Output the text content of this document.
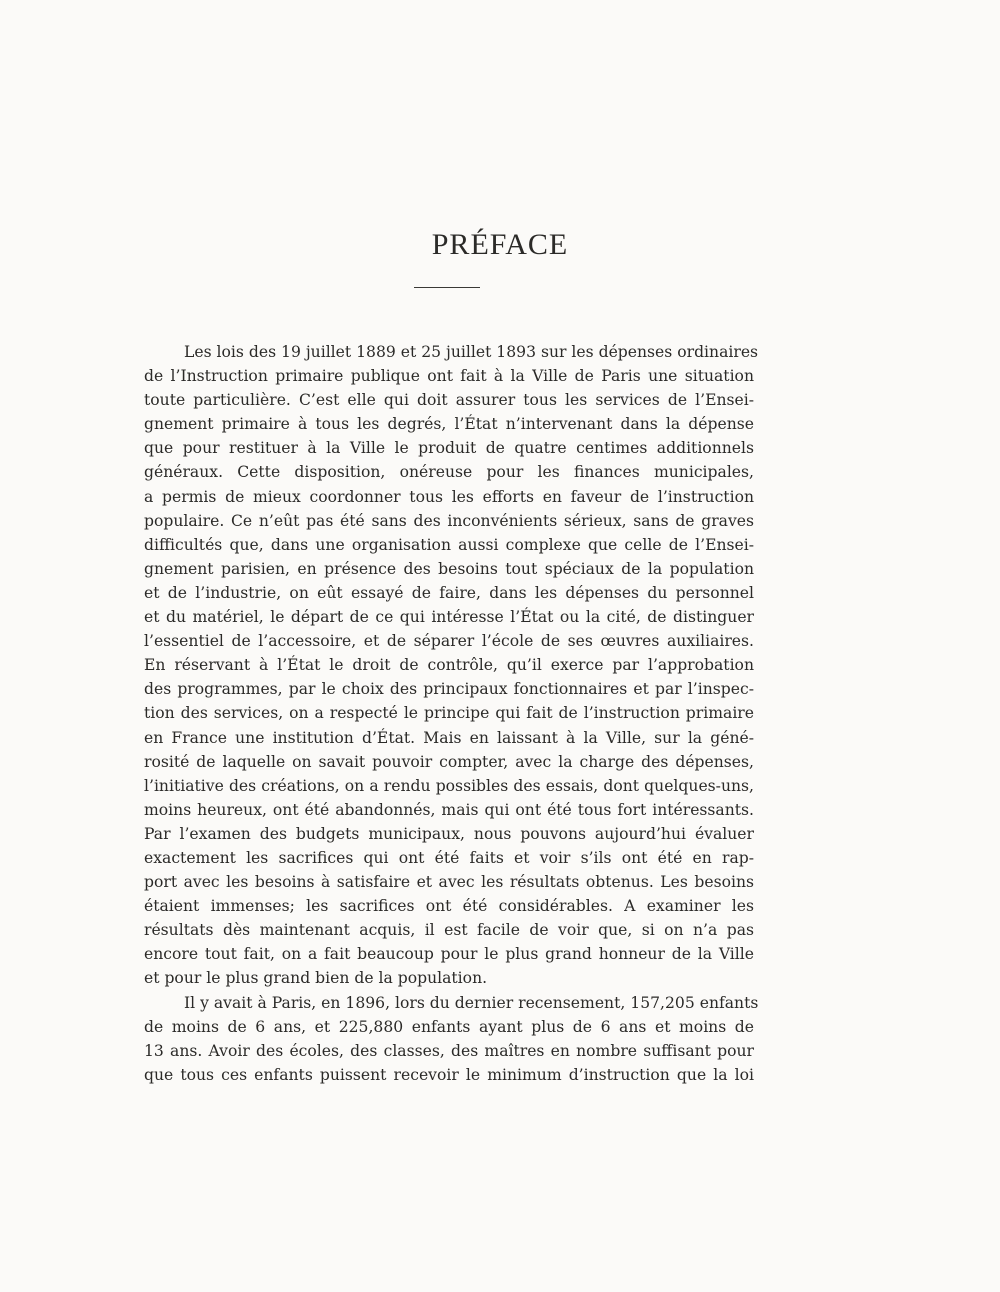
PRÉFACE
Les lois des 19 juillet 1889 et 25 juillet 1893 sur les dépenses ordinaires
de l’Instruction primaire publique ont fait à la Ville de Paris une situation
toute particulière. C’est elle qui doit assurer tous les services de l’Ensei-
gnement primaire à tous les degrés, l’État n’intervenant dans la dépense
que pour restituer à la Ville le produit de quatre centimes additionnels
généraux. Cette disposition, onéreuse pour les finances municipales,
a permis de mieux coordonner tous les efforts en faveur de l’instruction
populaire. Ce n’eût pas été sans des inconvénients sérieux, sans de graves
difficultés que, dans une organisation aussi complexe que celle de l’Ensei-
gnement parisien, en présence des besoins tout spéciaux de la population
et de l’industrie, on eût essayé de faire, dans les dépenses du personnel
et du matériel, le départ de ce qui intéresse l’État ou la cité, de distinguer
l’essentiel de l’accessoire, et de séparer l’école de ses œuvres auxiliaires.
En réservant à l’État le droit de contrôle, qu’il exerce par l’approbation
des programmes, par le choix des principaux fonctionnaires et par l’inspec-
tion des services, on a respecté le principe qui fait de l’instruction primaire
en France une institution d’État. Mais en laissant à la Ville, sur la géné-
rosité de laquelle on savait pouvoir compter, avec la charge des dépenses,
l’initiative des créations, on a rendu possibles des essais, dont quelques-uns,
moins heureux, ont été abandonnés, mais qui ont été tous fort intéressants.
Par l’examen des budgets municipaux, nous pouvons aujourd’hui évaluer
exactement les sacrifices qui ont été faits et voir s’ils ont été en rap-
port avec les besoins à satisfaire et avec les résultats obtenus. Les besoins
étaient immenses; les sacrifices ont été considérables. A examiner les
résultats dès maintenant acquis, il est facile de voir que, si on n’a pas
encore tout fait, on a fait beaucoup pour le plus grand honneur de la Ville
et pour le plus grand bien de la population.
Il y avait à Paris, en 1896, lors du dernier recensement, 157,205 enfants
de moins de 6 ans, et 225,880 enfants ayant plus de 6 ans et moins de
13 ans. Avoir des écoles, des classes, des maîtres en nombre suffisant pour
que tous ces enfants puissent recevoir le minimum d’instruction que la loi
